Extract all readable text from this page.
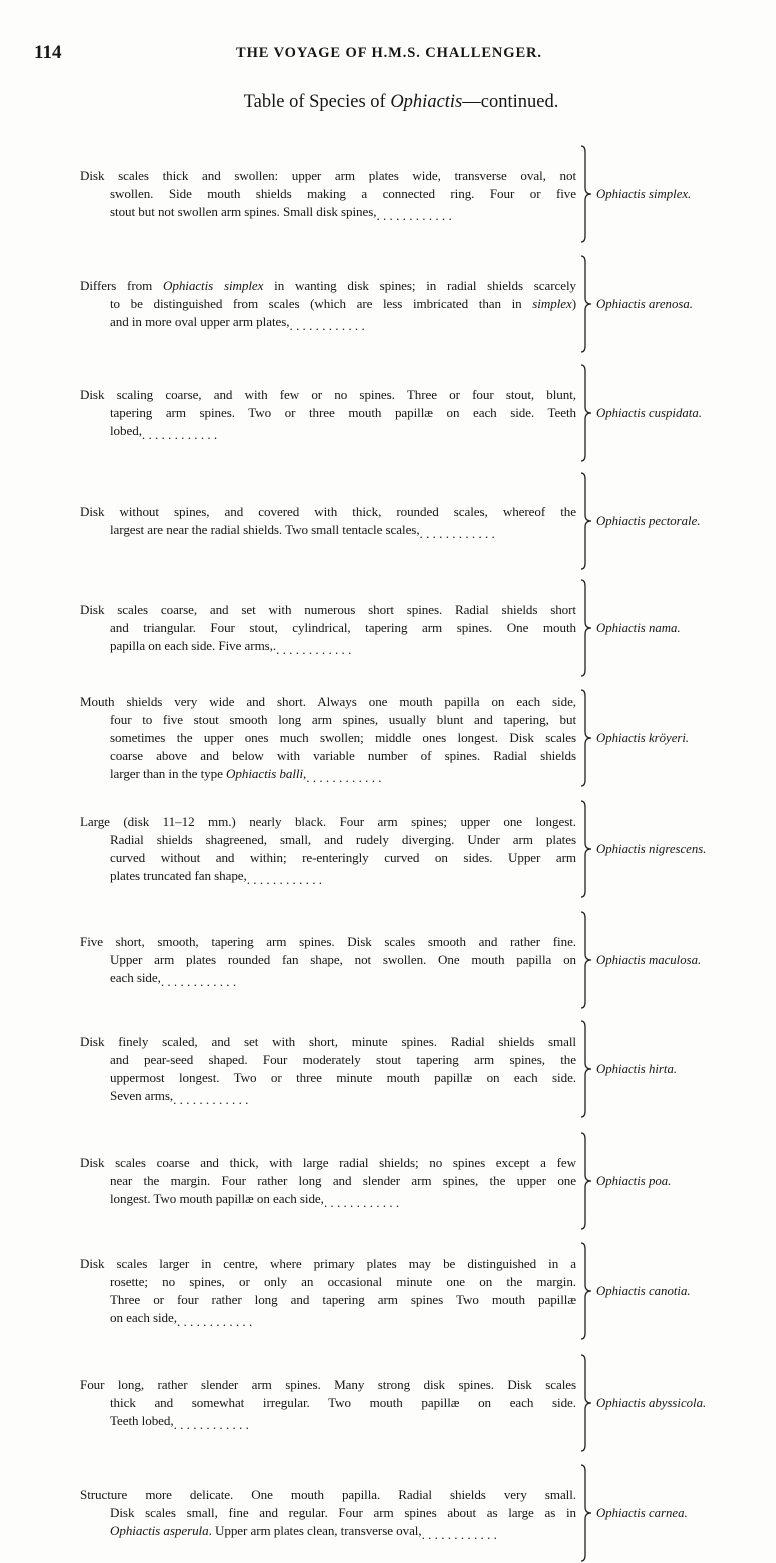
114	THE VOYAGE OF H.M.S. CHALLENGER.
Table of Species of Ophiactis—continued.
Disk scales thick and swollen: upper arm plates wide, transverse oval, not
swollen. Side mouth shields making a connected ring. Four or five
stout but not swollen arm spines. Small disk spines, . . . . . . . . . . . .
Ophiactis simplex.
Differs from Ophiactis simplex in wanting disk spines; in radial shields scarcely
to be distinguished from scales (which are less imbricated than in simplex)
and in more oval upper arm plates, . . . . . . . . . . . .
Ophiactis arenosa.
Disk scaling coarse, and with few or no spines. Three or four stout, blunt,
tapering arm spines. Two or three mouth papillæ on each side. Teeth
lobed, . . . . . . . . . . . .
Ophiactis cuspidata.
Disk without spines, and covered with thick, rounded scales, whereof the
largest are near the radial shields. Two small tentacle scales, . . . . . . . . . . . .
Ophiactis pectorale.
Disk scales coarse, and set with numerous short spines. Radial shields short
and triangular. Four stout, cylindrical, tapering arm spines. One mouth
papilla on each side. Five arms,. . . . . . . . . . . . .
Ophiactis nama.
Mouth shields very wide and short. Always one mouth papilla on each side,
four to five stout smooth long arm spines, usually blunt and tapering, but
sometimes the upper ones much swollen; middle ones longest. Disk scales
coarse above and below with variable number of spines. Radial shields
larger than in the type Ophiactis balli, . . . . . . . . . . . .
Ophiactis kröyeri.
Large (disk 11–12 mm.) nearly black. Four arm spines; upper one longest.
Radial shields shagreened, small, and rudely diverging. Under arm plates
curved without and within; re-enteringly curved on sides. Upper arm
plates truncated fan shape, . . . . . . . . . . . .
Ophiactis nigrescens.
Five short, smooth, tapering arm spines. Disk scales smooth and rather fine.
Upper arm plates rounded fan shape, not swollen. One mouth papilla on
each side, . . . . . . . . . . . .
Ophiactis maculosa.
Disk finely scaled, and set with short, minute spines. Radial shields small
and pear-seed shaped. Four moderately stout tapering arm spines, the
uppermost longest. Two or three minute mouth papillæ on each side.
Seven arms, . . . . . . . . . . . .
Ophiactis hirta.
Disk scales coarse and thick, with large radial shields; no spines except a few
near the margin. Four rather long and slender arm spines, the upper one
longest. Two mouth papillæ on each side, . . . . . . . . . . . .
Ophiactis poa.
Disk scales larger in centre, where primary plates may be distinguished in a
rosette; no spines, or only an occasional minute one on the margin.
Three or four rather long and tapering arm spines Two mouth papillæ
on each side, . . . . . . . . . . . .
Ophiactis canotia.
Four long, rather slender arm spines. Many strong disk spines. Disk scales
thick and somewhat irregular. Two mouth papillæ on each side.
Teeth lobed, . . . . . . . . . . . .
Ophiactis abyssicola.
Structure more delicate. One mouth papilla. Radial shields very small.
Disk scales small, fine and regular. Four arm spines about as large as in
Ophiactis asperula. Upper arm plates clean, transverse oval, . . . . . . . . . . . .
Ophiactis carnea.
